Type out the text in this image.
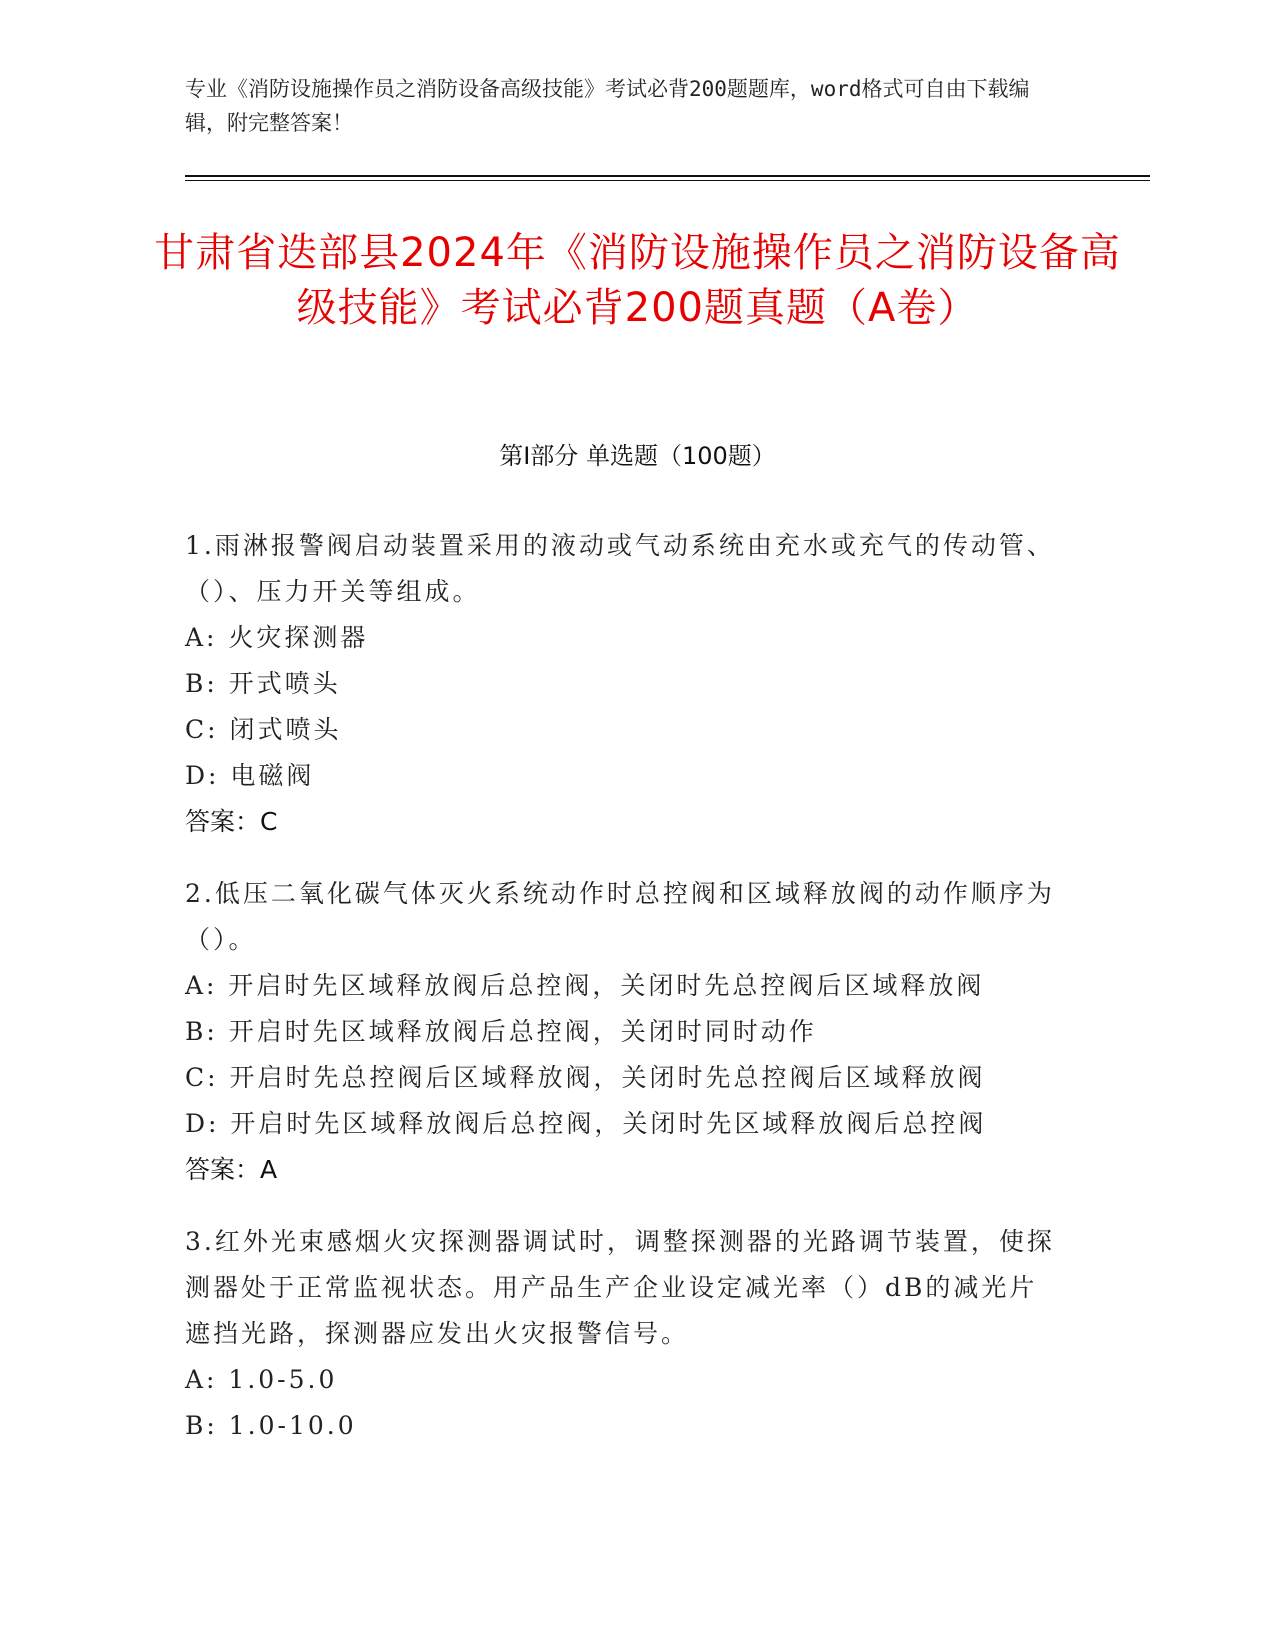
专业《消防设施操作员之消防设备高级技能》考试必背200题题库，word格式可自由下载编辑，附完整答案！
甘肃省迭部县2024年《消防设施操作员之消防设备高级技能》考试必背200题真题（A卷）
第I部分 单选题（100题）
1.雨淋报警阀启动装置采用的液动或气动系统由充水或充气的传动管、（）、压力开关等组成。
A: 火灾探测器
B: 开式喷头
C: 闭式喷头
D: 电磁阀
答案：C
2.低压二氧化碳气体灭火系统动作时总控阀和区域释放阀的动作顺序为（）。
A: 开启时先区域释放阀后总控阀，关闭时先总控阀后区域释放阀
B: 开启时先区域释放阀后总控阀，关闭时同时动作
C: 开启时先总控阀后区域释放阀，关闭时先总控阀后区域释放阀
D: 开启时先区域释放阀后总控阀，关闭时先区域释放阀后总控阀
答案：A
3.红外光束感烟火灾探测器调试时，调整探测器的光路调节装置，使探测器处于正常监视状态。用产品生产企业设定减光率（）dB的减光片遮挡光路，探测器应发出火灾报警信号。
A: 1.0-5.0
B: 1.0-10.0
